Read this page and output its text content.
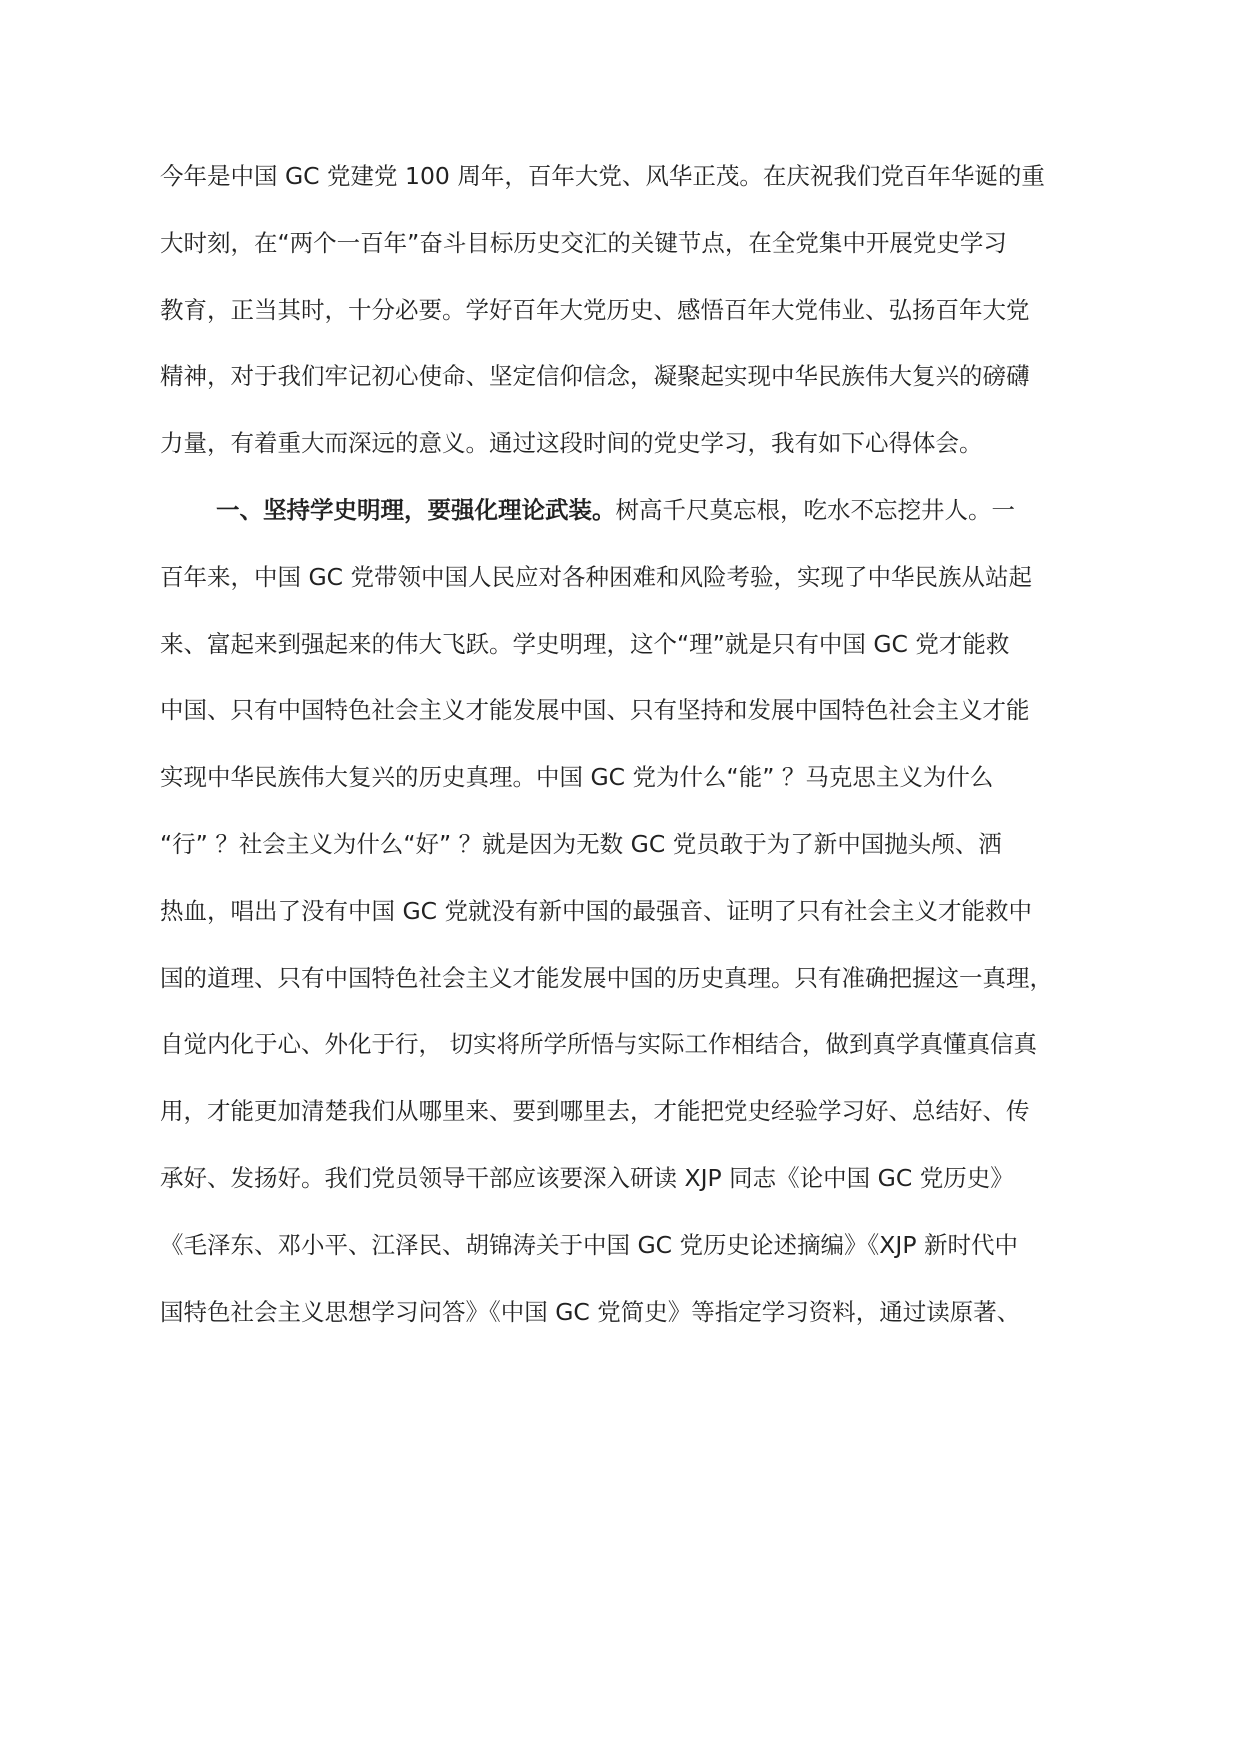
今年是中国 GC 党建党 100 周年，百年大党、风华正茂。在庆祝我们党百年华诞的重
大时刻，在“两个一百年”奋斗目标历史交汇的关键节点，在全党集中开展党史学习
教育，正当其时，十分必要。学好百年大党历史、感悟百年大党伟业、弘扬百年大党
精神，对于我们牢记初心使命、坚定信仰信念，凝聚起实现中华民族伟大复兴的磅礴
力量，有着重大而深远的意义。通过这段时间的党史学习，我有如下心得体会。
一、坚持学史明理，要强化理论武装。树高千尺莫忘根，吃水不忘挖井人。一
百年来，中国 GC 党带领中国人民应对各种困难和风险考验，实现了中华民族从站起
来、富起来到强起来的伟大飞跃。学史明理，这个“理”就是只有中国 GC 党才能救
中国、只有中国特色社会主义才能发展中国、只有坚持和发展中国特色社会主义才能
实现中华民族伟大复兴的历史真理。中国 GC 党为什么“能” ？马克思主义为什么
“行” ？社会主义为什么“好” ？就是因为无数 GC 党员敢于为了新中国抛头颅、洒
热血，唱出了没有中国 GC 党就没有新中国的最强音、证明了只有社会主义才能救中
国的道理、只有中国特色社会主义才能发展中国的历史真理。只有准确把握这一真理，
自觉内化于心、外化于行， 切实将所学所悟与实际工作相结合，做到真学真懂真信真
用，才能更加清楚我们从哪里来、要到哪里去，才能把党史经验学习好、总结好、传
承好、发扬好。我们党员领导干部应该要深入研读 XJP 同志《论中国 GC 党历史》
《毛泽东、邓小平、江泽民、胡锦涛关于中国 GC 党历史论述摘编》《XJP 新时代中
国特色社会主义思想学习问答》《中国 GC 党简史》等指定学习资料，通过读原著、
